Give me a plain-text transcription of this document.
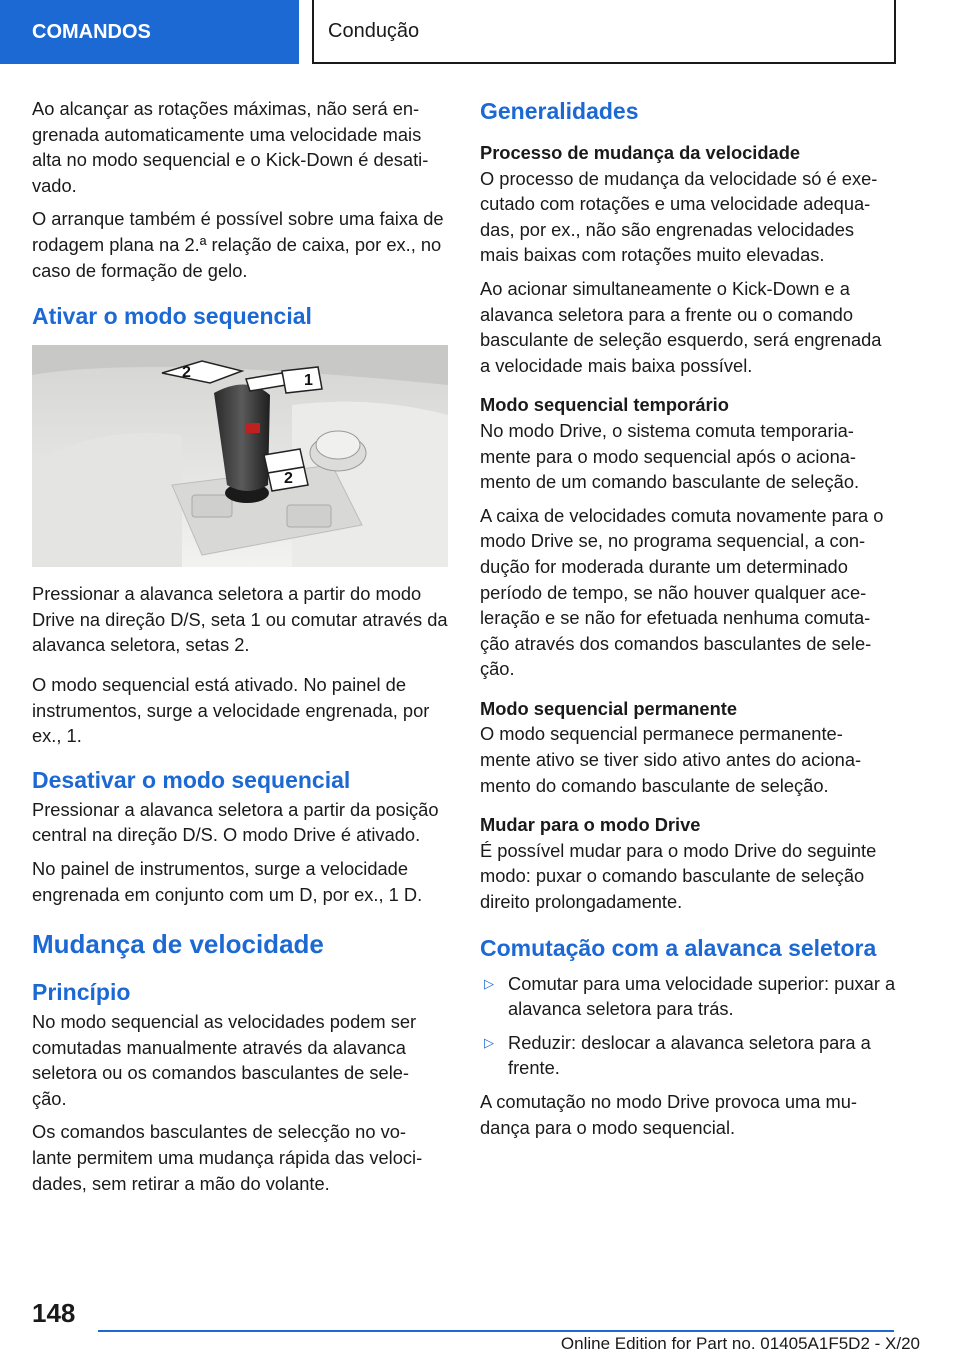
COMANDOS	Condução

Ao alcançar as rotações máximas, não será en- grenada automaticamente uma velocidade mais alta no modo sequencial e o Kick-Down é desati- vado.

O arranque também é possível sobre uma faixa de rodagem plana na 2.ª relação de caixa, por ex., no caso de formação de gelo.

Ativar o modo sequencial
2	1
2

Pressionar a alavanca seletora a partir do modo Drive na direção D/S, seta 1 ou comutar através da alavanca seletora, setas 2.

O modo sequencial está ativado. No painel de instrumentos, surge a velocidade engrenada, por ex., 1.

Desativar o modo sequencial

Pressionar a alavanca seletora a partir da posição central na direção D/S. O modo Drive é ativado.

No painel de instrumentos, surge a velocidade engrenada em conjunto com um D, por ex., 1 D.

Mudança de velocidade
Princípio

No modo sequencial as velocidades podem ser comutadas manualmente através da alavanca seletora ou os comandos basculantes de sele- ção.

Os comandos basculantes de selecção no vo- lante permitem uma mudança rápida das veloci- dades, sem retirar a mão do volante.

Generalidades
Processo de mudança da velocidade

O processo de mudança da velocidade só é exe- cutado com rotações e uma velocidade adequa- das, por ex., não são engrenadas velocidades mais baixas com rotações muito elevadas.

Ao acionar simultaneamente o Kick-Down e a alavanca seletora para a frente ou o comando basculante de seleção esquerdo, será engrenada a velocidade mais baixa possível.

Modo sequencial temporário

No modo Drive, o sistema comuta temporaria- mente para o modo sequencial após o aciona- mento de um comando basculante de seleção.

A caixa de velocidades comuta novamente para o modo Drive se, no programa sequencial, a con- dução for moderada durante um determinado período de tempo, se não houver qualquer ace- leração e se não for efetuada nenhuma comuta- ção através dos comandos basculantes de sele- ção.

Modo sequencial permanente

O modo sequencial permanece permanente- mente ativo se tiver sido ativo antes do aciona- mento do comando basculante de seleção.

Mudar para o modo Drive

É possível mudar para o modo Drive do seguinte modo: puxar o comando basculante de seleção direito prolongadamente.

Comutação com a alavanca seletora
▷ Comutar para uma velocidade superior: puxar a alavanca seletora para trás.
▷ Reduzir: deslocar a alavanca seletora para a frente.

A comutação no modo Drive provoca uma mu- dança para o modo sequencial.

148
Online Edition for Part no. 01405A1F5D2 - X/20
